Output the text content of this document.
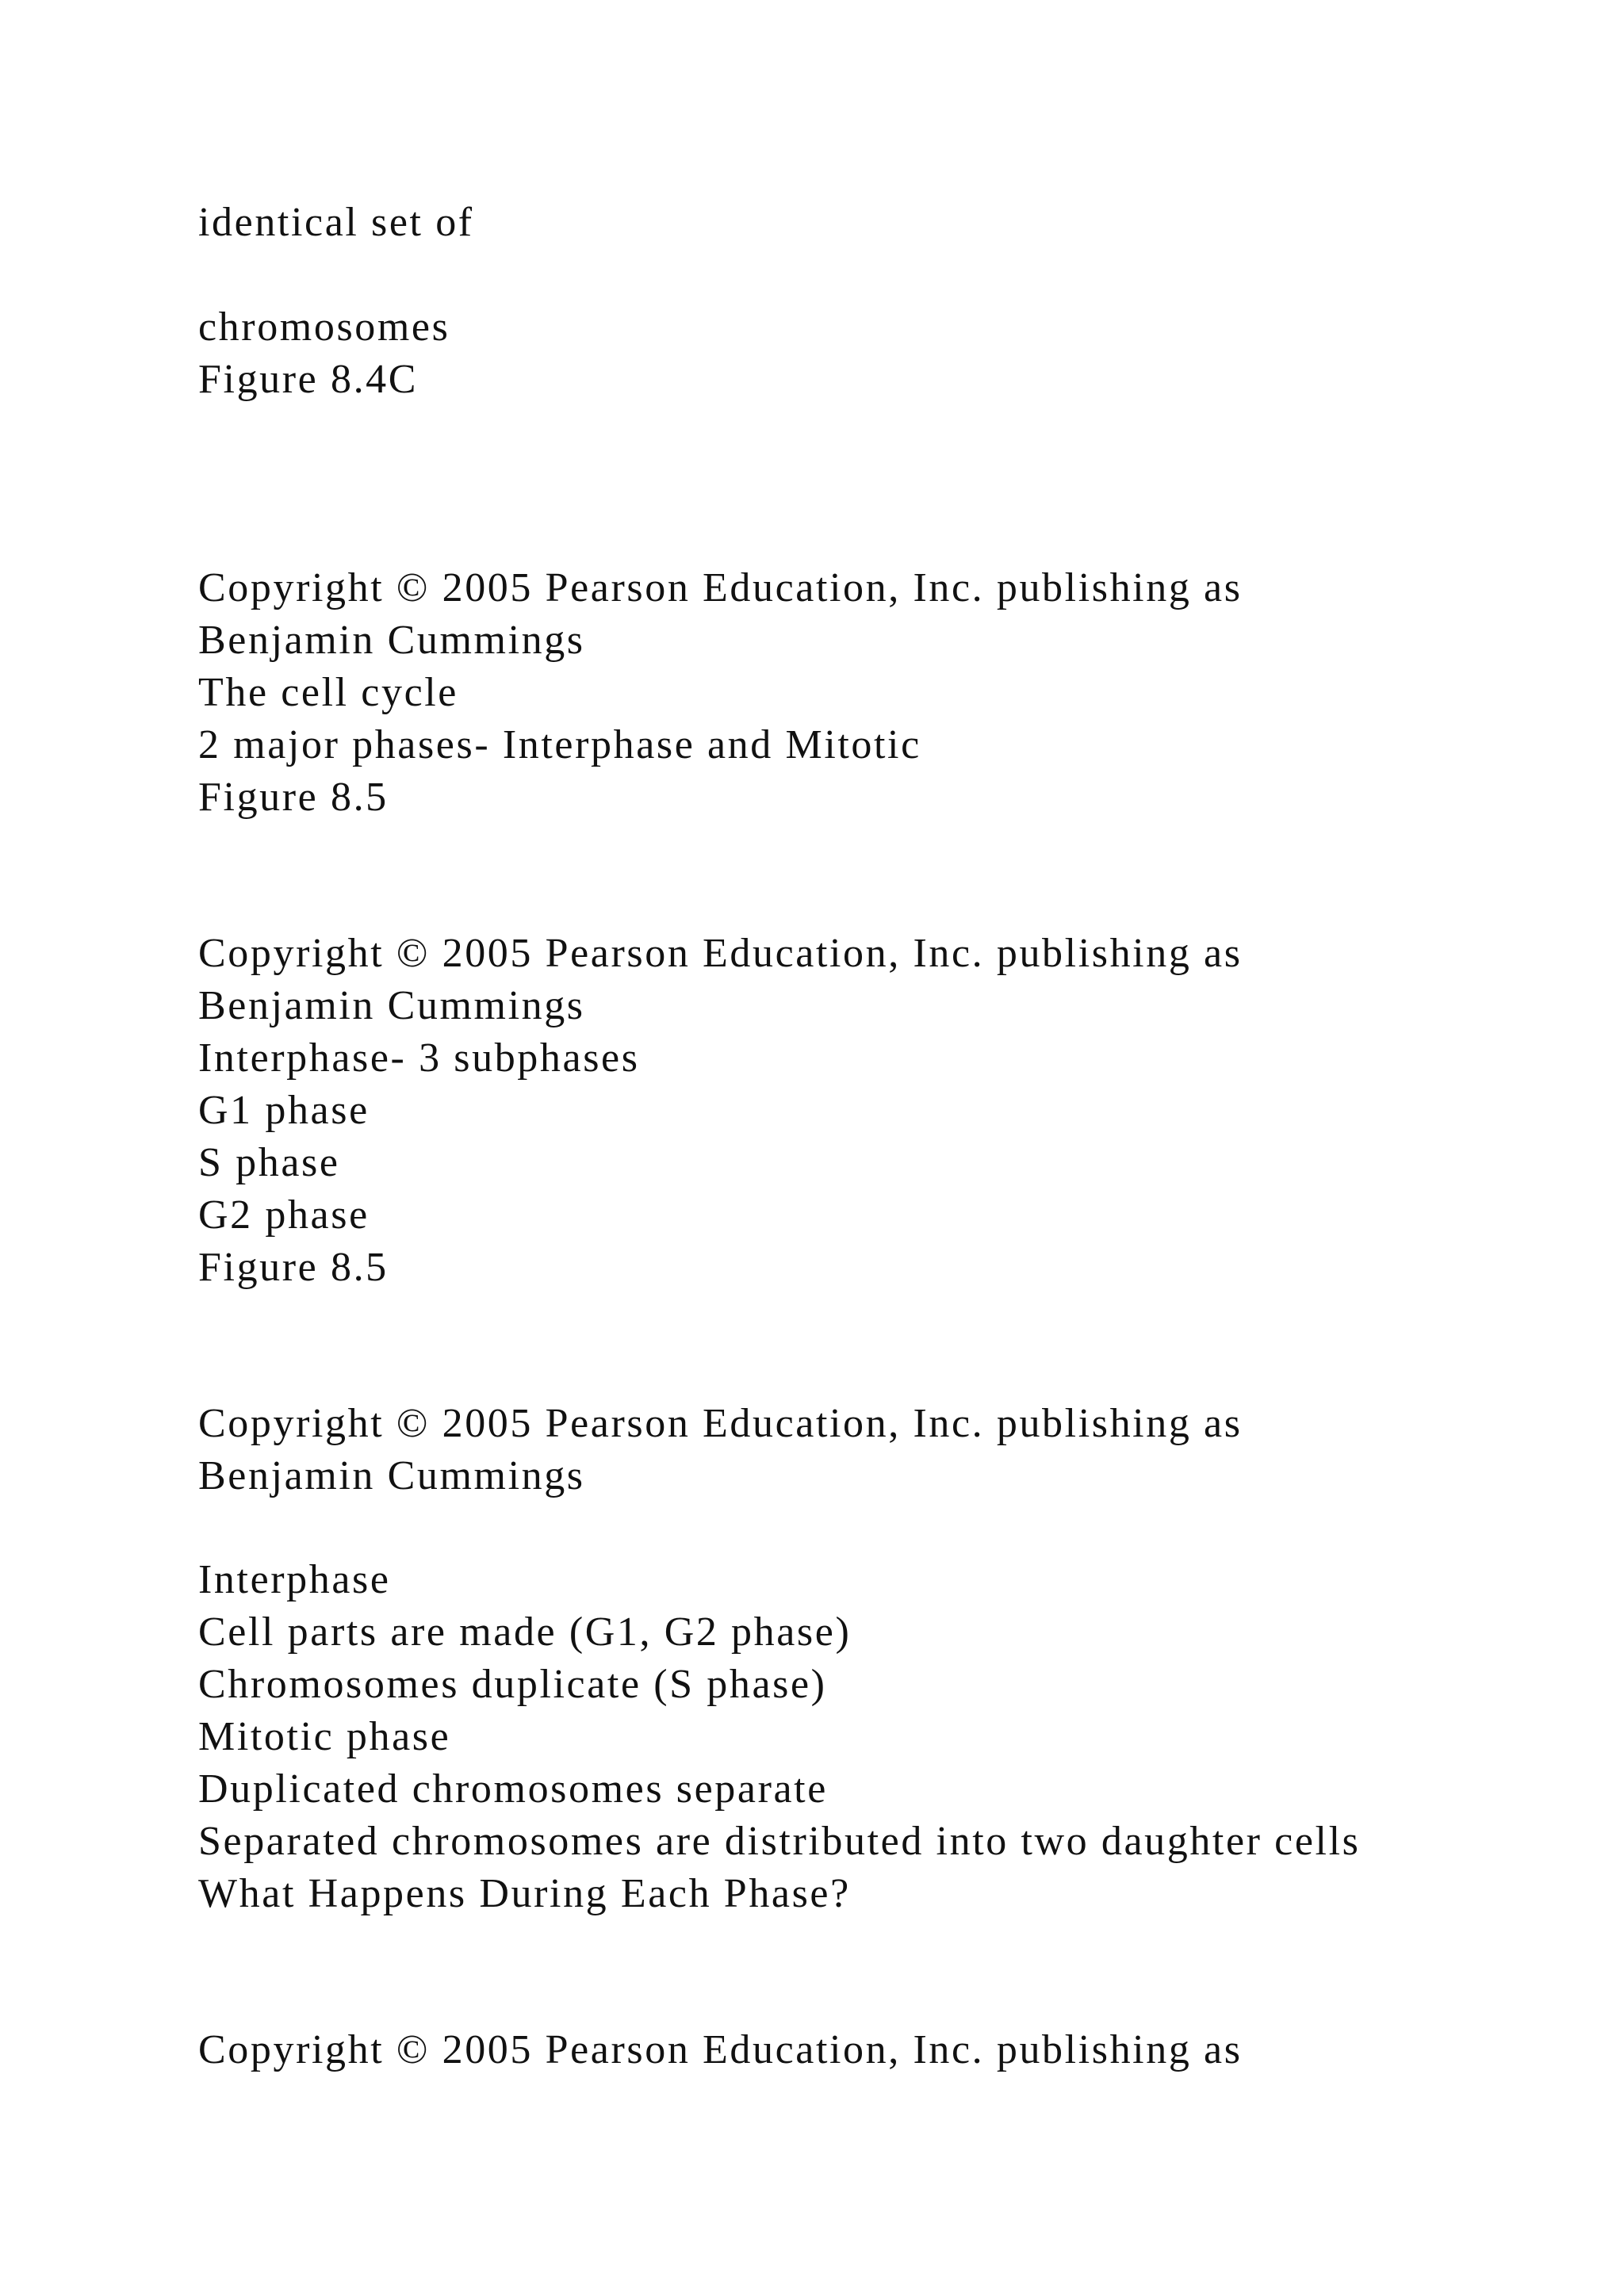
identical set of

chromosomes

Figure 8.4C

Copyright © 2005 Pearson Education, Inc. publishing as

Benjamin Cummings

The cell cycle

2 major phases- Interphase and Mitotic

Figure 8.5

Copyright © 2005 Pearson Education, Inc. publishing as

Benjamin Cummings

Interphase- 3 subphases

G1 phase

S phase

G2 phase

Figure 8.5

Copyright © 2005 Pearson Education, Inc. publishing as

Benjamin Cummings

Interphase

Cell parts are made (G1, G2 phase)

Chromosomes duplicate (S phase)

Mitotic phase

Duplicated chromosomes separate

Separated chromosomes are distributed into two daughter cells

What Happens During Each Phase?

Copyright © 2005 Pearson Education, Inc. publishing as
